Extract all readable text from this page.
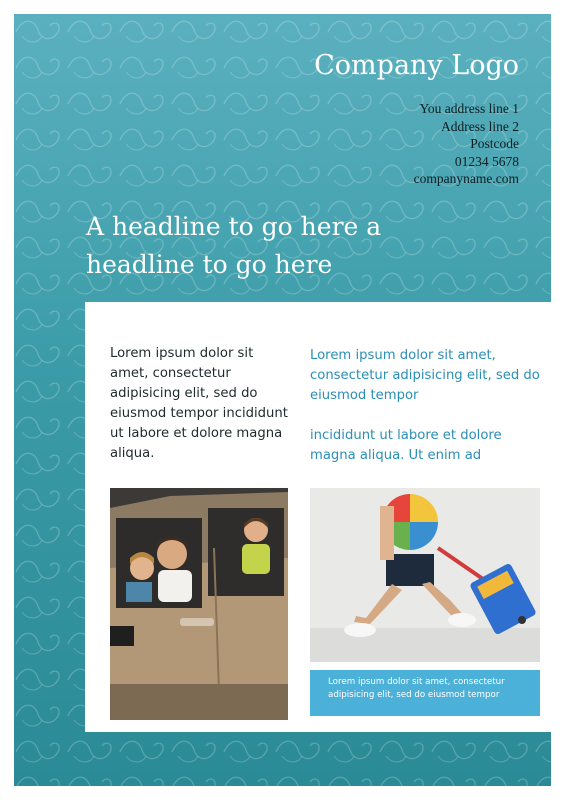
Company Logo
You address line 1
Address line 2
Postcode
01234 5678
companyname.com
A headline to go here a headline to go here
Lorem ipsum dolor sit amet, consectetur adipisicing elit, sed do eiusmod tempor incididunt ut labore et dolore magna aliqua.

Lorem ipsum dolor sit amet, consectetur adipisicing elit, sed do eiusmod tempor

incididunt ut labore et dolore magna aliqua. Ut enim ad

Lorem ipsum dolor sit amet, consectetur adipisicing elit, sed do eiusmod tempor
